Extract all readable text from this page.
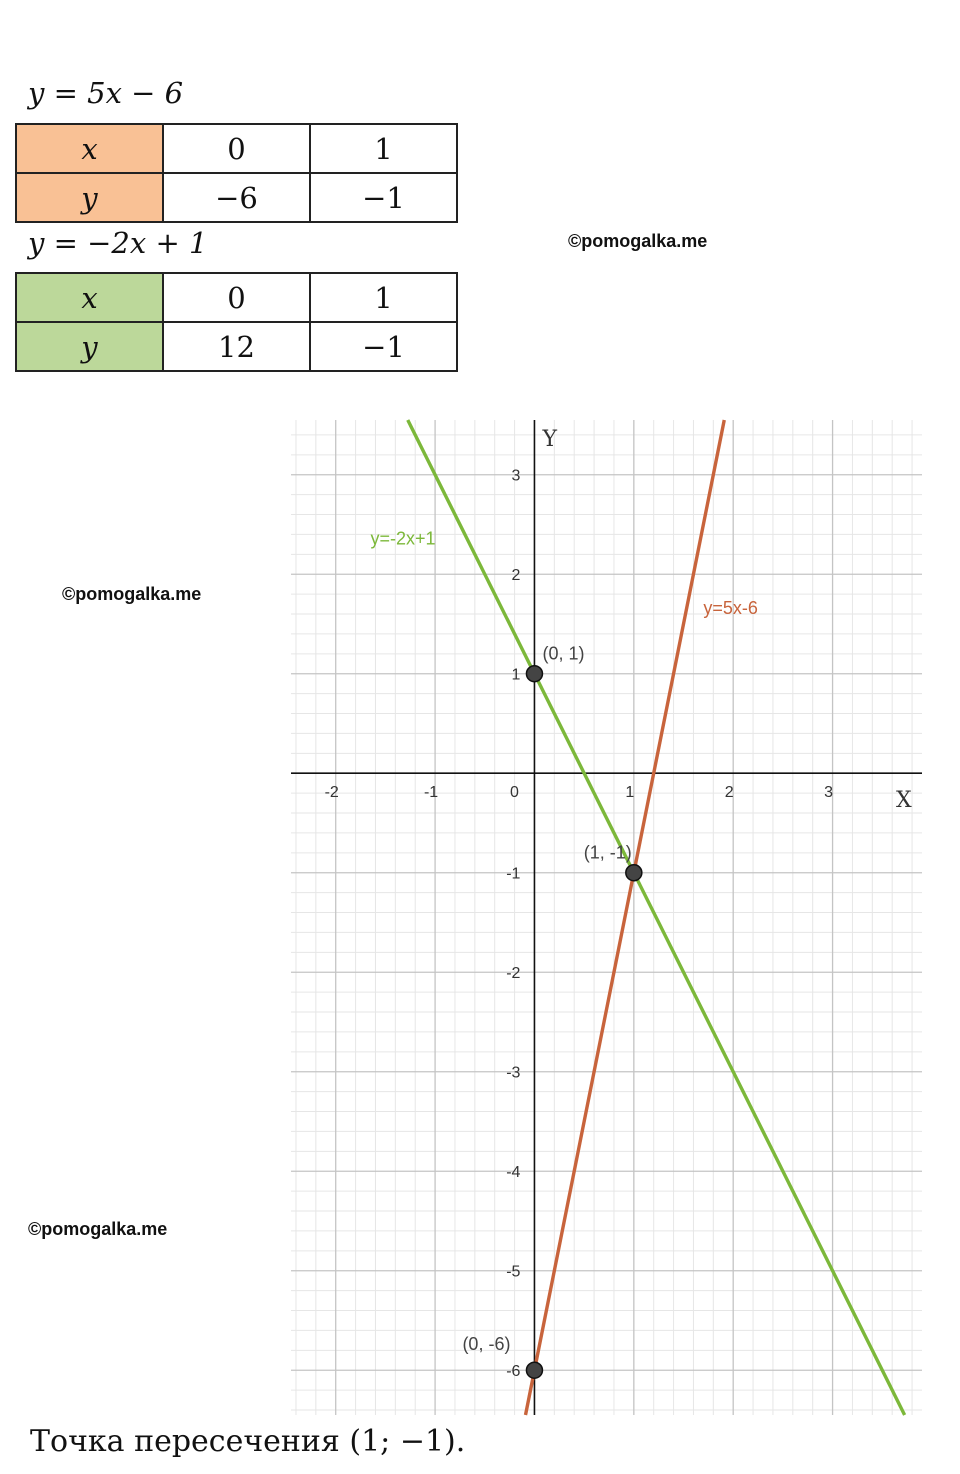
y = 5x − 6
x	0	1
y	−6	−1
y = −2x + 1
x	0	1
y	12	−1
©pomogalka.me
©pomogalka.me
©pomogalka.me
X
Y
-2	-1	0	1	2	3
-6
-5
-4
-3
-2
-1
1
2
3
y=5x-6
y=-2x+1
(0, 1)
(1, -1)
(0, -6)
Точка пересечения (1; −1).
